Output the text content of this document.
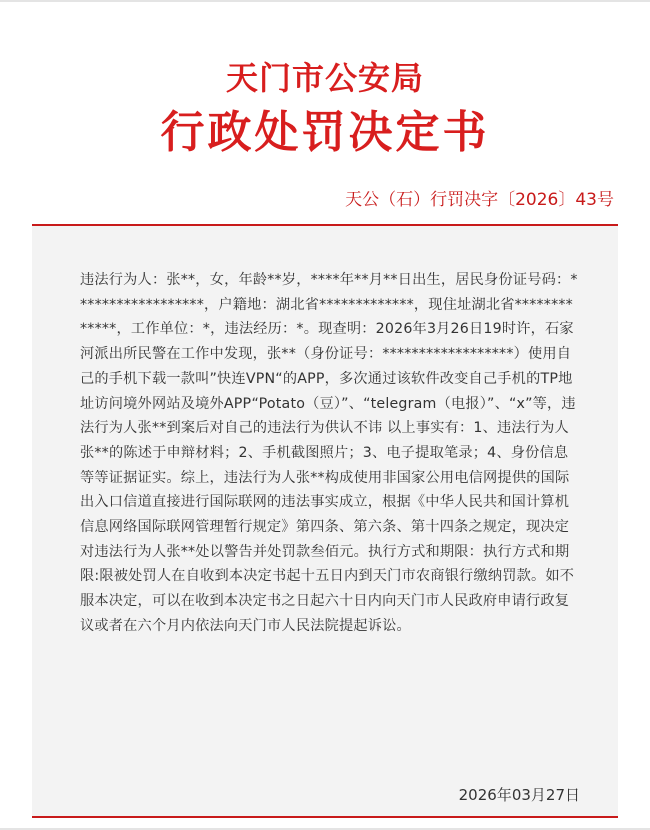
天门市公安局
行政处罚决定书
天公（石）行罚决字〔2026〕43号

违法行为人：张**，女，年龄**岁，****年**月**日出生，居民身份证号码：******************，户籍地：湖北省*************，现住址湖北省*************，工作单位：*，违法经历：*。现查明：2026年3月26日19时许，石家河派出所民警在工作中发现，张**（身份证号：******************）使用自己的手机下载一款叫”快连VPN“的APP，多次通过该软件改变自己手机的TP地址访问境外网站及境外APP“Potato（豆）”、“telegram（电报）”、“x”等，违法行为人张**到案后对自己的违法行为供认不讳 以上事实有：1、违法行为人张**的陈述于申辩材料；2、手机截图照片；3、电子提取笔录；4、身份信息等等证据证实。综上，违法行为人张**构成使用非国家公用电信网提供的国际出入口信道直接进行国际联网的违法事实成立，根据《中华人民共和国计算机信息网络国际联网管理暂行规定》第四条、第六条、第十四条之规定，现决定对违法行为人张**处以警告并处罚款叁佰元。执行方式和期限：执行方式和期限:限被处罚人在自收到本决定书起十五日内到天门市农商银行缴纳罚款。如不服本决定，可以在收到本决定书之日起六十日内向天门市人民政府申请行政复议或者在六个月内依法向天门市人民法院提起诉讼。

2026年03月27日
